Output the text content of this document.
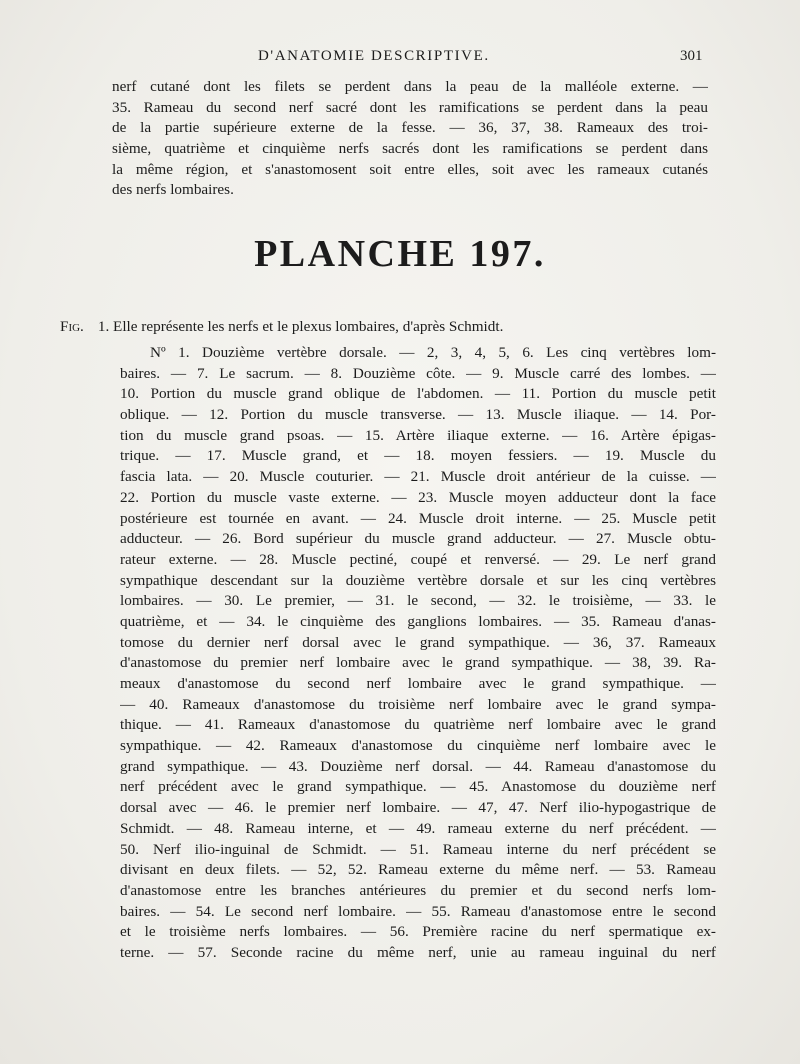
D'ANATOMIE DESCRIPTIVE.	301
nerf cutané dont les filets se perdent dans la peau de la malléole externe. —
35. Rameau du second nerf sacré dont les ramifications se perdent dans la peau
de la partie supérieure externe de la fesse. — 36, 37, 38. Rameaux des troi-
sième, quatrième et cinquième nerfs sacrés dont les ramifications se perdent dans
la même région, et s'anastomosent soit entre elles, soit avec les rameaux cutanés
des nerfs lombaires.
PLANCHE 197.
Fig. 1. Elle représente les nerfs et le plexus lombaires, d'après Schmidt.
Nº 1. Douzième vertèbre dorsale. — 2, 3, 4, 5, 6. Les cinq vertèbres lom-
baires. — 7. Le sacrum. — 8. Douzième côte. — 9. Muscle carré des lombes. —
10. Portion du muscle grand oblique de l'abdomen. — 11. Portion du muscle petit
oblique. — 12. Portion du muscle transverse. — 13. Muscle iliaque. — 14. Por-
tion du muscle grand psoas. — 15. Artère iliaque externe. — 16. Artère épigas-
trique. — 17. Muscle grand, et — 18. moyen fessiers. — 19. Muscle du
fascia lata. — 20. Muscle couturier. — 21. Muscle droit antérieur de la cuisse. —
22. Portion du muscle vaste externe. — 23. Muscle moyen adducteur dont la face
postérieure est tournée en avant. — 24. Muscle droit interne. — 25. Muscle petit
adducteur. — 26. Bord supérieur du muscle grand adducteur. — 27. Muscle obtu-
rateur externe. — 28. Muscle pectiné, coupé et renversé. — 29. Le nerf grand
sympathique descendant sur la douzième vertèbre dorsale et sur les cinq vertèbres
lombaires. — 30. Le premier, — 31. le second, — 32. le troisième, — 33. le
quatrième, et — 34. le cinquième des ganglions lombaires. — 35. Rameau d'anas-
tomose du dernier nerf dorsal avec le grand sympathique. — 36, 37. Rameaux
d'anastomose du premier nerf lombaire avec le grand sympathique. — 38, 39. Ra-
meaux d'anastomose du second nerf lombaire avec le grand sympathique. —
— 40. Rameaux d'anastomose du troisième nerf lombaire avec le grand sympa-
thique. — 41. Rameaux d'anastomose du quatrième nerf lombaire avec le grand
sympathique. — 42. Rameaux d'anastomose du cinquième nerf lombaire avec le
grand sympathique. — 43. Douzième nerf dorsal. — 44. Rameau d'anastomose du
nerf précédent avec le grand sympathique. — 45. Anastomose du douzième nerf
dorsal avec — 46. le premier nerf lombaire. — 47, 47. Nerf ilio-hypogastrique de
Schmidt. — 48. Rameau interne, et — 49. rameau externe du nerf précédent. —
50. Nerf ilio-inguinal de Schmidt. — 51. Rameau interne du nerf précédent se
divisant en deux filets. — 52, 52. Rameau externe du même nerf. — 53. Rameau
d'anastomose entre les branches antérieures du premier et du second nerfs lom-
baires. — 54. Le second nerf lombaire. — 55. Rameau d'anastomose entre le second
et le troisième nerfs lombaires. — 56. Première racine du nerf spermatique ex-
terne. — 57. Seconde racine du même nerf, unie au rameau inguinal du nerf
